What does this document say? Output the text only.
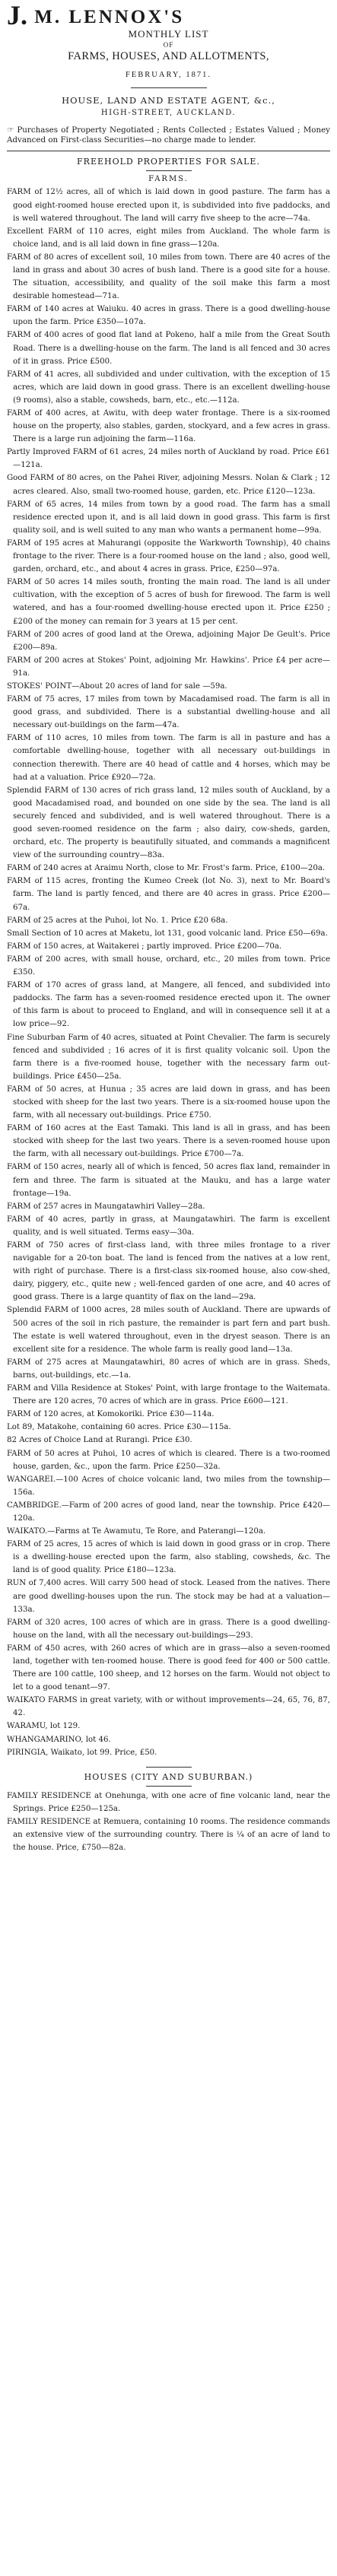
J. M. LENNOX'S
MONTHLY LIST
OF
FARMS, HOUSES, AND ALLOTMENTS,
FEBRUARY, 1871.
HOUSE, LAND AND ESTATE AGENT, &c.,
HIGH-STREET, AUCKLAND.

☞ Purchases of Property Negotiated ; Rents Collected ; Estates Valued ; Money Advanced on First-class Securities—no charge made to lender.

FREEHOLD PROPERTIES FOR SALE.
FARMS.
FARM of 12½ acres, all of which is laid down in good pasture. The farm has a good eight-roomed house erected upon it, is subdivided into five paddocks, and is well watered throughout. The land will carry five sheep to the acre—74a.
Excellent FARM of 110 acres, eight miles from Auckland. The whole farm is choice land, and is all laid down in fine grass—120a.
FARM of 80 acres of excellent soil, 10 miles from town. There are 40 acres of the land in grass and about 30 acres of bush land. There is a good site for a house. The situation, accessibility, and quality of the soil make this farm a most desirable homestead—71a.
FARM of 140 acres at Waiuku. 40 acres in grass. There is a good dwelling-house upon the farm. Price £350—107a.
FARM of 400 acres of good flat land at Pokeno, half a mile from the Great South Road. There is a dwelling-house on the farm. The land is all fenced and 30 acres of it in grass. Price £500.
FARM of 41 acres, all subdivided and under cultivation, with the exception of 15 acres, which are laid down in good grass. There is an excellent dwelling-house (9 rooms), also a stable, cowsheds, barn, etc., etc.—112a.
FARM of 400 acres, at Awitu, with deep water frontage. There is a six-roomed house on the property, also stables, garden, stockyard, and a few acres in grass. There is a large run adjoining the farm—116a.
Partly Improved FARM of 61 acres, 24 miles north of Auckland by road. Price £61—121a.
Good FARM of 80 acres, on the Pahei River, adjoining Messrs. Nolan & Clark ; 12 acres cleared. Also, small two-roomed house, garden, etc. Price £120—123a.
FARM of 65 acres, 14 miles from town by a good road. The farm has a small residence erected upon it, and is all laid down in good grass. This farm is first quality soil, and is well suited to any man who wants a permanent home—99a.
FARM of 195 acres at Mahurangi (opposite the Warkworth Township), 40 chains frontage to the river. There is a four-roomed house on the land ; also, good well, garden, orchard, etc., and about 4 acres in grass. Price, £250—97a.
FARM of 50 acres 14 miles south, fronting the main road. The land is all under cultivation, with the exception of 5 acres of bush for firewood. The farm is well watered, and has a four-roomed dwelling-house erected upon it. Price £250 ; £200 of the money can remain for 3 years at 15 per cent.
FARM of 200 acres of good land at the Orewa, adjoining Major De Geult's. Price £200—89a.
FARM of 200 acres at Stokes' Point, adjoining Mr. Hawkins'. Price £4 per acre—91a.
STOKES' POINT—About 20 acres of land for sale —59a.
FARM of 75 acres, 17 miles from town by Macadamised road. The farm is all in good grass, and subdivided. There is a substantial dwelling-house and all necessary out-buildings on the farm—47a.
FARM of 110 acres, 10 miles from town. The farm is all in pasture and has a comfortable dwelling-house, together with all necessary out-buildings in connection therewith. There are 40 head of cattle and 4 horses, which may be had at a valuation. Price £920—72a.
Splendid FARM of 130 acres of rich grass land, 12 miles south of Auckland, by a good Macadamised road, and bounded on one side by the sea. The land is all securely fenced and subdivided, and is well watered throughout. There is a good seven-roomed residence on the farm ; also dairy, cow-sheds, garden, orchard, etc. The property is beautifully situated, and commands a magnificent view of the surrounding country—83a.
FARM of 240 acres at Araimu North, close to Mr. Frost's farm. Price, £100—20a.
FARM of 115 acres, fronting the Kumeo Creek (lot No. 3), next to Mr. Board's farm. The land is partly fenced, and there are 40 acres in grass. Price £200—67a.
FARM of 25 acres at the Puhoi, lot No. 1. Price £20 68a.
Small Section of 10 acres at Maketu, lot 131, good volcanic land. Price £50—69a.
FARM of 150 acres, at Waitakerei ; partly improved. Price £200—70a.
FARM of 200 acres, with small house, orchard, etc., 20 miles from town. Price £350.
FARM of 170 acres of grass land, at Mangere, all fenced, and subdivided into paddocks. The farm has a seven-roomed residence erected upon it. The owner of this farm is about to proceed to England, and will in consequence sell it at a low price—92.
Fine Suburban Farm of 40 acres, situated at Point Chevalier. The farm is securely fenced and subdivided ; 16 acres of it is first quality volcanic soil. Upon the farm there is a five-roomed house, together with the necessary farm out-buildings. Price £450—25a.
FARM of 50 acres, at Hunua ; 35 acres are laid down in grass, and has been stocked with sheep for the last two years. There is a six-roomed house upon the farm, with all necessary out-buildings. Price £750.
FARM of 160 acres at the East Tamaki. This land is all in grass, and has been stocked with sheep for the last two years. There is a seven-roomed house upon the farm, with all necessary out-buildings. Price £700—7a.
FARM of 150 acres, nearly all of which is fenced, 50 acres flax land, remainder in fern and three. The farm is situated at the Mauku, and has a large water frontage—19a.
FARM of 257 acres in Maungatawhiri Valley—28a.
FARM of 40 acres, partly in grass, at Maungatawhiri. The farm is excellent quality, and is well situated. Terms easy—30a.
FARM of 750 acres of first-class land, with three miles frontage to a river navigable for a 20-ton boat. The land is fenced from the natives at a low rent, with right of purchase. There is a first-class six-roomed house, also cow-shed, dairy, piggery, etc., quite new ; well-fenced garden of one acre, and 40 acres of good grass. There is a large quantity of flax on the land—29a.
Splendid FARM of 1000 acres, 28 miles south of Auckland. There are upwards of 500 acres of the soil in rich pasture, the remainder is part fern and part bush. The estate is well watered throughout, even in the dryest season. There is an excellent site for a residence. The whole farm is really good land—13a.
FARM of 275 acres at Maungatawhiri, 80 acres of which are in grass. Sheds, barns, out-buildings, etc.—1a.
FARM and Villa Residence at Stokes' Point, with large frontage to the Waitemata. There are 120 acres, 70 acres of which are in grass. Price £600—121.
FARM of 120 acres, at Komokoriki. Price £30—114a.
Lot 89, Matakohe, containing 60 acres. Price £30—115a.
82 Acres of Choice Land at Rurangi. Price £30.
FARM of 50 acres at Puhoi, 10 acres of which is cleared. There is a two-roomed house, garden, &c., upon the farm. Price £250—32a.
WANGAREI.—100 Acres of choice volcanic land, two miles from the township—156a.
CAMBRIDGE.—Farm of 200 acres of good land, near the township. Price £420—120a.
WAIKATO.—Farms at Te Awamutu, Te Rore, and Paterangi—120a.
FARM of 25 acres, 15 acres of which is laid down in good grass or in crop. There is a dwelling-house erected upon the farm, also stabling, cowsheds, &c. The land is of good quality. Price £180—123a.
RUN of 7,400 acres. Will carry 500 head of stock. Leased from the natives. There are good dwelling-houses upon the run. The stock may be had at a valuation—133a.
FARM of 320 acres, 100 acres of which are in grass. There is a good dwelling-house on the land, with all the necessary out-buildings—293.
FARM of 450 acres, with 260 acres of which are in grass—also a seven-roomed land, together with ten-roomed house. There is good feed for 400 or 500 cattle. There are 100 cattle, 100 sheep, and 12 horses on the farm. Would not object to let to a good tenant—97.
WAIKATO FARMS in great variety, with or without improvements—24, 65, 76, 87, 42.
WARAMU, lot 129.
WHANGAMARINO, lot 46.
PIRINGIA, Waikato, lot 99. Price, £50.
HOUSES (CITY AND SUBURBAN.)
FAMILY RESIDENCE at Onehunga, with one acre of fine volcanic land, near the Springs. Price £250—125a.
FAMILY RESIDENCE at Remuera, containing 10 rooms. The residence commands an extensive view of the surrounding country. There is ¼ of an acre of land to the house. Price, £750—82a.
